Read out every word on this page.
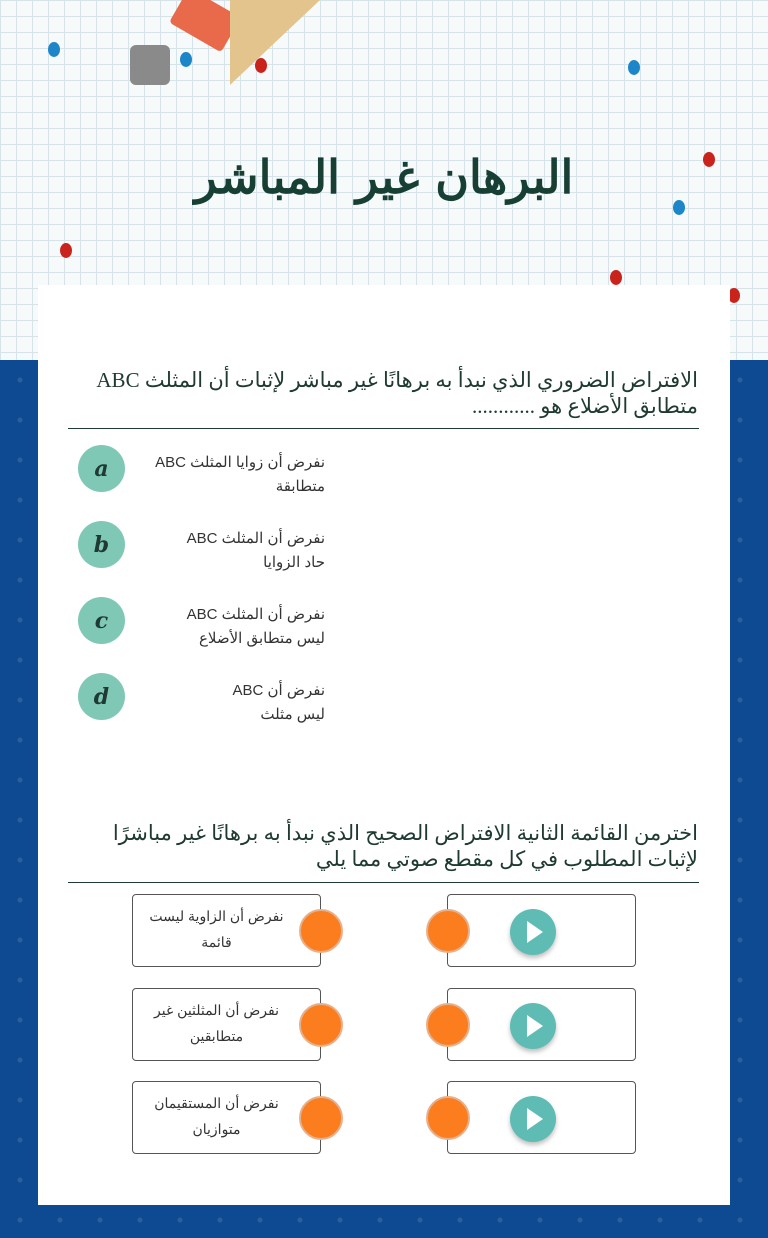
البرهان غير المباشر
الافتراض الضروري الذي نبدأ به برهانًا غير مباشر لإثبات أن المثلث ABC متطابق الأضلاع هو ............
a	نفرض أن زوايا المثلث ABC
متطابقة
b	نفرض أن المثلث ABC
حاد الزوايا
c	نفرض أن المثلث ABC
ليس متطابق الأضلاع
d	نفرض أن ABC
ليس مثلث
اخترمن القائمة الثانية الافتراض الصحيح الذي نبدأ به برهانًا غير مباشرًا لإثبات المطلوب في كل مقطع صوتي مما يلي
نفرض أن الزاوية ليست قائمة
نفرض أن المثلثين غير متطابقين
نفرض أن المستقيمان متوازيان
